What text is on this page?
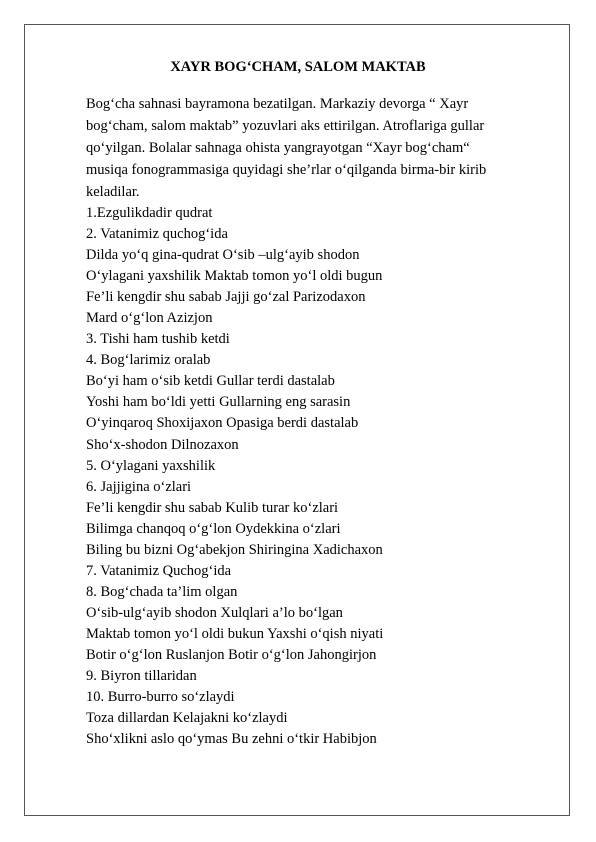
XAYR BOG‘CHAM, SALOM MAKTAB
Bog‘cha sahnasi bayramona bezatilgan. Markaziy devorga “ Xayr
bog‘cham, salom maktab” yozuvlari aks ettirilgan. Atroflariga gullar
qo‘yilgan. Bolalar sahnaga ohista yangrayotgan “Xayr bog‘cham“
musiqa fonogrammasiga quyidagi she’rlar o‘qilganda birma-bir kirib
keladilar.
1.Ezgulikdadir qudrat
2. Vatanimiz quchog‘ida
Dilda yo‘q gina-qudrat O‘sib –ulg‘ayib shodon
O‘ylagani yaxshilik Maktab tomon yo‘l oldi bugun
Fe’li kengdir shu sabab Jajji go‘zal Parizodaxon
Mard o‘g‘lon Azizjon
3. Tishi ham tushib ketdi
4. Bog‘larimiz oralab
Bo‘yi ham o‘sib ketdi Gullar terdi dastalab
Yoshi ham bo‘ldi yetti Gullarning eng sarasin
O‘yinqaroq Shoxijaxon Opasiga berdi dastalab
Sho‘x-shodon Dilnozaxon
5. O‘ylagani yaxshilik
6. Jajjigina o‘zlari
Fe’li kengdir shu sabab Kulib turar ko‘zlari
Bilimga chanqoq o‘g‘lon Oydekkina o‘zlari
Biling bu bizni Og‘abekjon Shiringina Xadichaxon
7. Vatanimiz Quchog‘ida
8. Bog‘chada ta’lim olgan
O‘sib-ulg‘ayib shodon Xulqlari a’lo bo‘lgan
Maktab tomon yo‘l oldi bukun Yaxshi o‘qish niyati
Botir o‘g‘lon Ruslanjon Botir o‘g‘lon Jahongirjon
9. Biyron tillaridan
10. Burro-burro so‘zlaydi
Toza dillardan Kelajakni ko‘zlaydi
Sho‘xlikni aslo qo‘ymas Bu zehni o‘tkir Habibjon
